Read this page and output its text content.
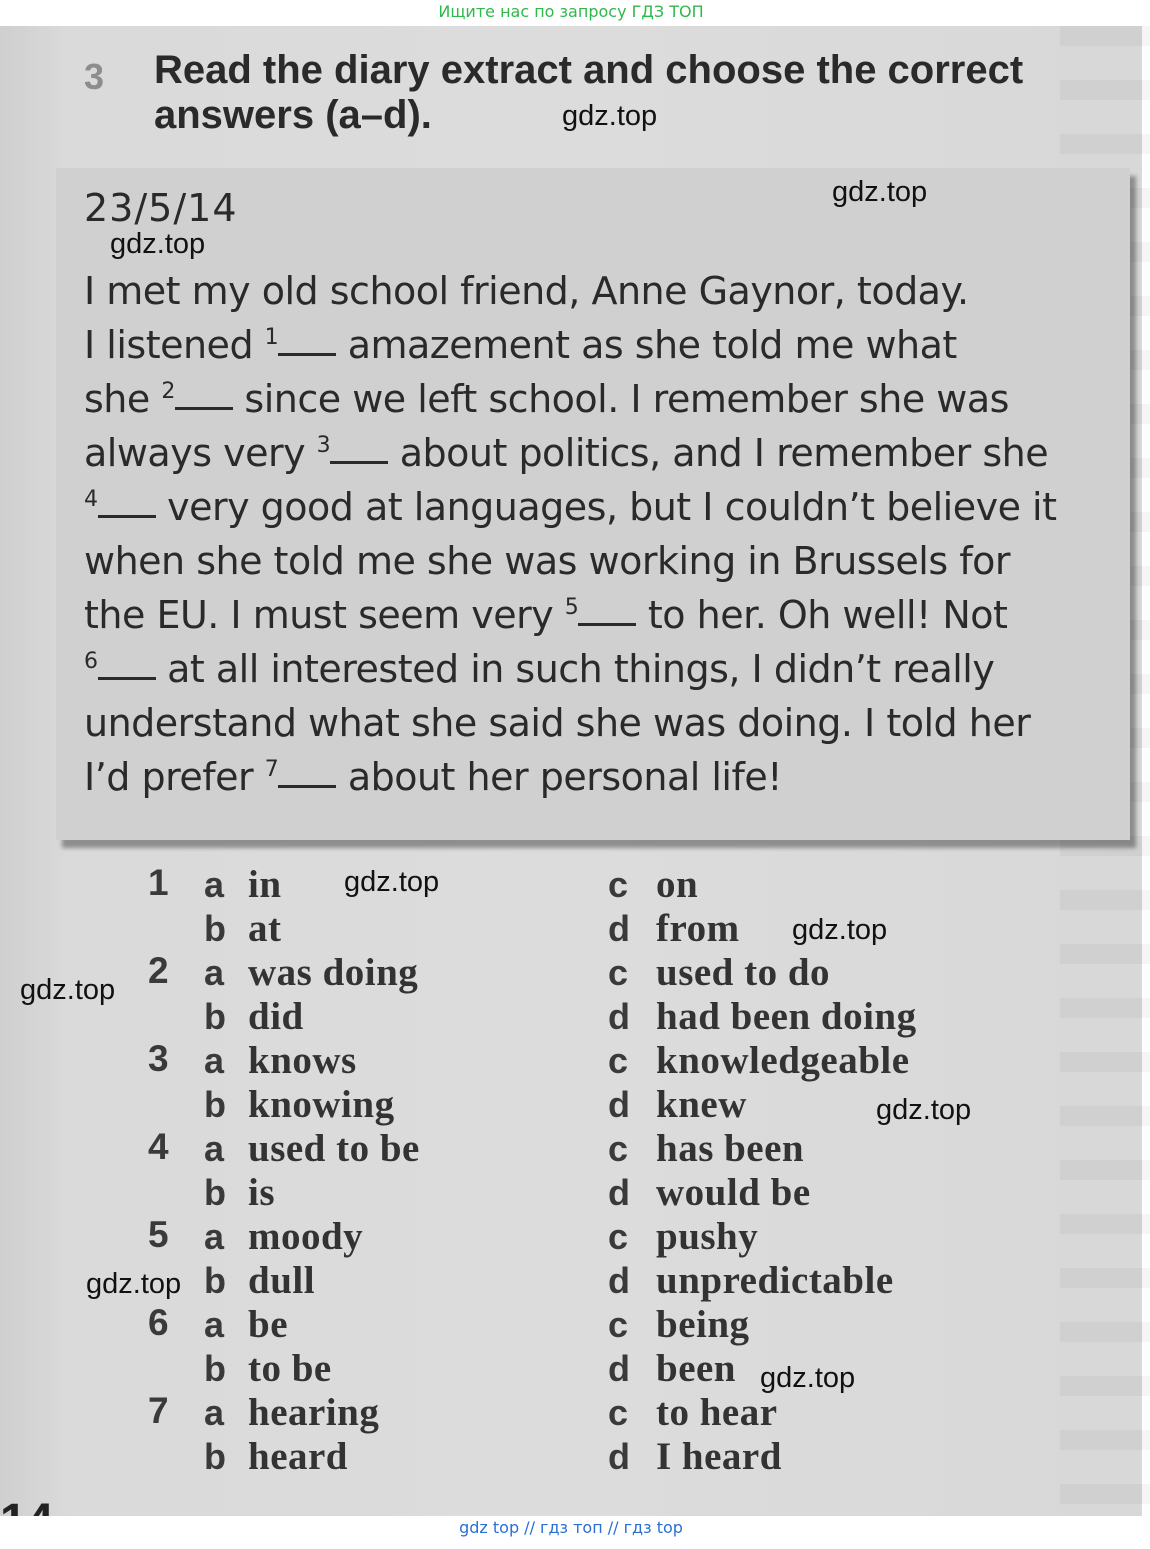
Ищите нас по запросу ГДЗ ТОП
3 Read the diary extract and choose the correct answers (a–d).
23/5/14
I met my old school friend, Anne Gaynor, today.
I listened $^1$ amazement as she told me what
she $^2$ since we left school. I remember she was
always very $^3$ about politics, and I remember she
$^4$ very good at languages, but I couldn’t believe it
when she told me she was working in Brussels for
the EU. I must seem very $^5$ to her. Oh well! Not
$^6$ at all interested in such things, I didn’t really
understand what she said she was doing. I told her
I’d prefer $^7$ about her personal life!
1 a in	c on
b at	d from
2 a was doing	c used to do
b did	d had been doing
3 a knows	c knowledgeable
b knowing	d knew
4 a used to be	c has been
b is	d would be
5 a moody	c pushy
b dull	d unpredictable
6 a be	c being
b to be	d been
7 a hearing	c to hear
b heard	d I heard
gdz.top
gdz.top
gdz.top
gdz.top
gdz.top
gdz.top
gdz.top
gdz.top
gdz.top
gdz top // гдз топ // гдз top
